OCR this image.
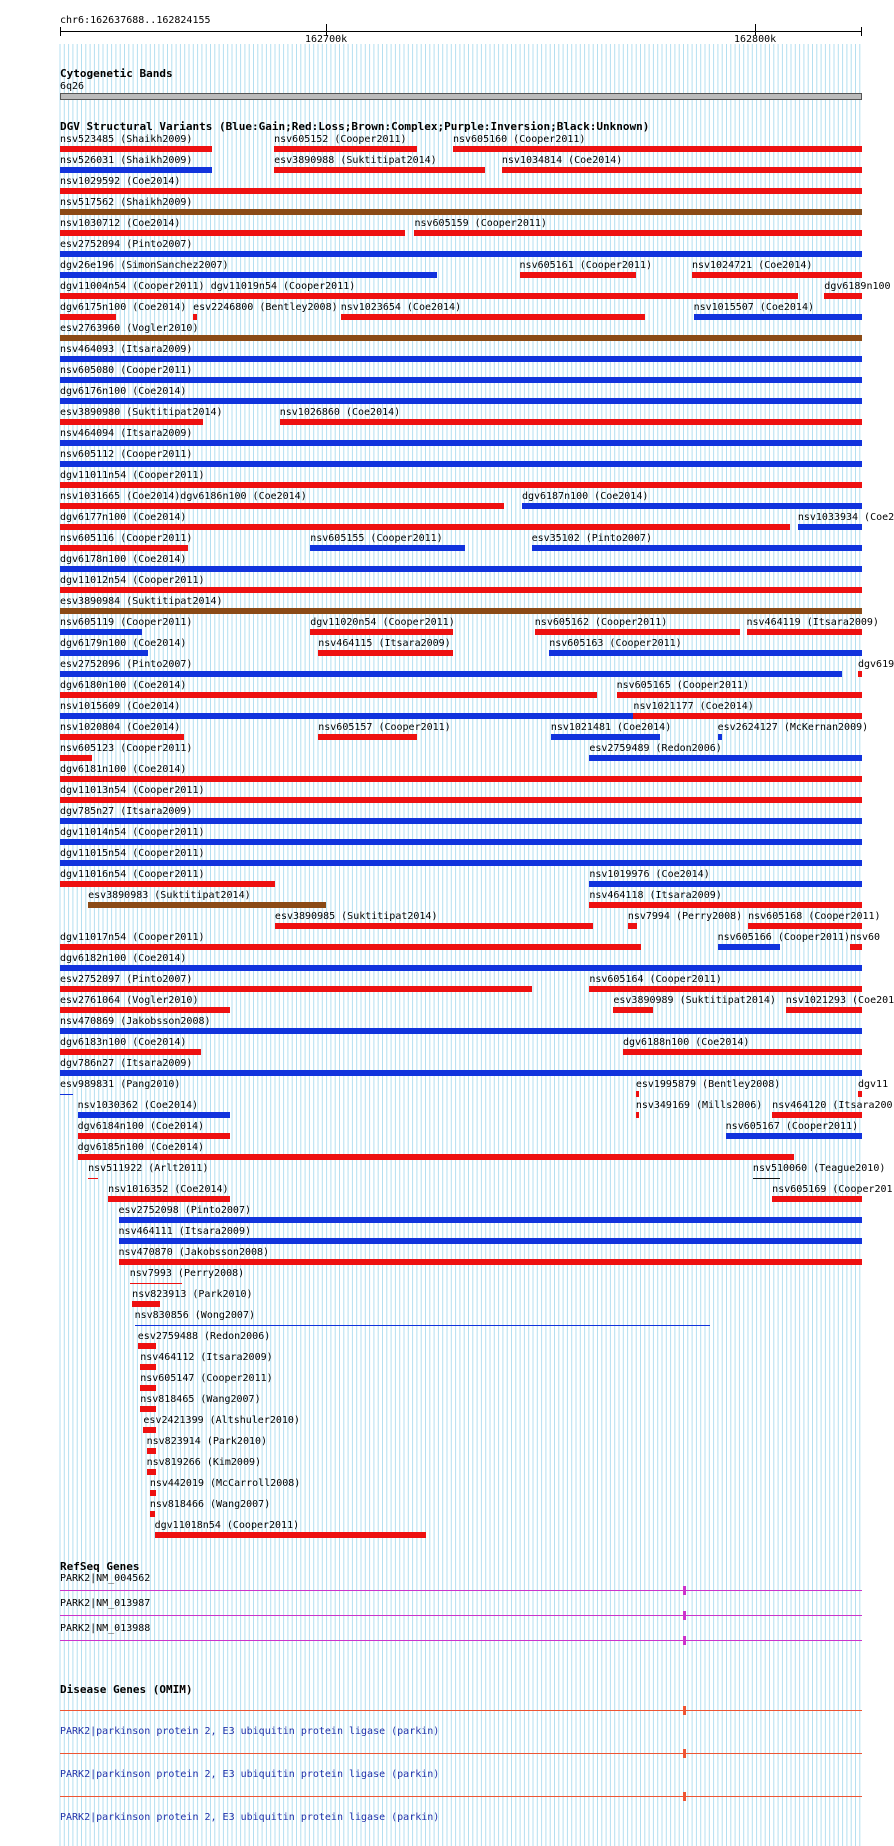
chr6:162637688..162824155
162700k	162800k
Cytogenetic Bands
6q26
DGV Structural Variants (Blue:Gain;Red:Loss;Brown:Complex;Purple:Inversion;Black:Unknown)
nsv523485 (Shaikh2009)	nsv605152 (Cooper2011)	nsv605160 (Cooper2011)
nsv526031 (Shaikh2009)	esv3890988 (Suktitipat2014)	nsv1034814 (Coe2014)
nsv1029592 (Coe2014)
nsv517562 (Shaikh2009)
nsv1030712 (Coe2014)	nsv605159 (Cooper2011)
esv2752094 (Pinto2007)
dgv26e196 (SimonSanchez2007)	nsv605161 (Cooper2011)	nsv1024721 (Coe2014)
dgv11004n54 (Cooper2011) dgv11019n54 (Cooper2011)	dgv6189n100
dgv6175n100 (Coe2014) esv2246800 (Bentley2008) nsv1023654 (Coe2014)	nsv1015507 (Coe2014)
esv2763960 (Vogler2010)
nsv464093 (Itsara2009)
nsv605080 (Cooper2011)
dgv6176n100 (Coe2014)
esv3890980 (Suktitipat2014)	nsv1026860 (Coe2014)
nsv464094 (Itsara2009)
nsv605112 (Cooper2011)
dgv11011n54 (Cooper2011)
nsv1031665 (Coe2014) dgv6186n100 (Coe2014)	dgv6187n100 (Coe2014)
dgv6177n100 (Coe2014)	nsv1033934 (Coe2
nsv605116 (Cooper2011)	nsv605155 (Cooper2011)	esv35102 (Pinto2007)
dgv6178n100 (Coe2014)
dgv11012n54 (Cooper2011)
esv3890984 (Suktitipat2014)
nsv605119 (Cooper2011)	dgv11020n54 (Cooper2011)	nsv605162 (Cooper2011)	nsv464119 (Itsara2009)
dgv6179n100 (Coe2014)	nsv464115 (Itsara2009)	nsv605163 (Cooper2011)
esv2752096 (Pinto2007)	dgv619
dgv6180n100 (Coe2014)	nsv605165 (Cooper2011)
nsv1015609 (Coe2014)	nsv1021177 (Coe2014)
nsv1020804 (Coe2014)	nsv605157 (Cooper2011)	nsv1021481 (Coe2014)	esv2624127 (McKernan2009)
nsv605123 (Cooper2011)	esv2759489 (Redon2006)
dgv6181n100 (Coe2014)
dgv11013n54 (Cooper2011)
dgv785n27 (Itsara2009)
dgv11014n54 (Cooper2011)
dgv11015n54 (Cooper2011)
dgv11016n54 (Cooper2011)	nsv1019976 (Coe2014)
esv3890983 (Suktitipat2014)	nsv464118 (Itsara2009)
esv3890985 (Suktitipat2014)	nsv7994 (Perry2008) nsv605168 (Cooper2011)
dgv11017n54 (Cooper2011)	nsv605166 (Cooper2011) nsv60
dgv6182n100 (Coe2014)
esv2752097 (Pinto2007)	nsv605164 (Cooper2011)
esv2761064 (Vogler2010)	esv3890989 (Suktitipat2014) nsv1021293 (Coe201
nsv470869 (Jakobsson2008)
dgv6183n100 (Coe2014)	dgv6188n100 (Coe2014)
dgv786n27 (Itsara2009)
esv989831 (Pang2010)	esv1995879 (Bentley2008)	dgv11
nsv1030362 (Coe2014)	nsv349169 (Mills2006) nsv464120 (Itsara200
dgv6184n100 (Coe2014)	nsv605167 (Cooper2011)
dgv6185n100 (Coe2014)
nsv511922 (Arlt2011)	nsv510060 (Teague2010)
nsv1016352 (Coe2014)	nsv605169 (Cooper201
esv2752098 (Pinto2007)
nsv464111 (Itsara2009)
nsv470870 (Jakobsson2008)
nsv7993 (Perry2008)
nsv823913 (Park2010)
nsv830856 (Wong2007)
esv2759488 (Redon2006)
nsv464112 (Itsara2009)
nsv605147 (Cooper2011)
nsv818465 (Wang2007)
esv2421399 (Altshuler2010)
nsv823914 (Park2010)
nsv819266 (Kim2009)
nsv442019 (McCarroll2008)
nsv818466 (Wang2007)
dgv11018n54 (Cooper2011)
RefSeq Genes
PARK2|NM_004562
PARK2|NM_013987
PARK2|NM_013988
Disease Genes (OMIM)
PARK2|parkinson protein 2, E3 ubiquitin protein ligase (parkin)
PARK2|parkinson protein 2, E3 ubiquitin protein ligase (parkin)
PARK2|parkinson protein 2, E3 ubiquitin protein ligase (parkin)
